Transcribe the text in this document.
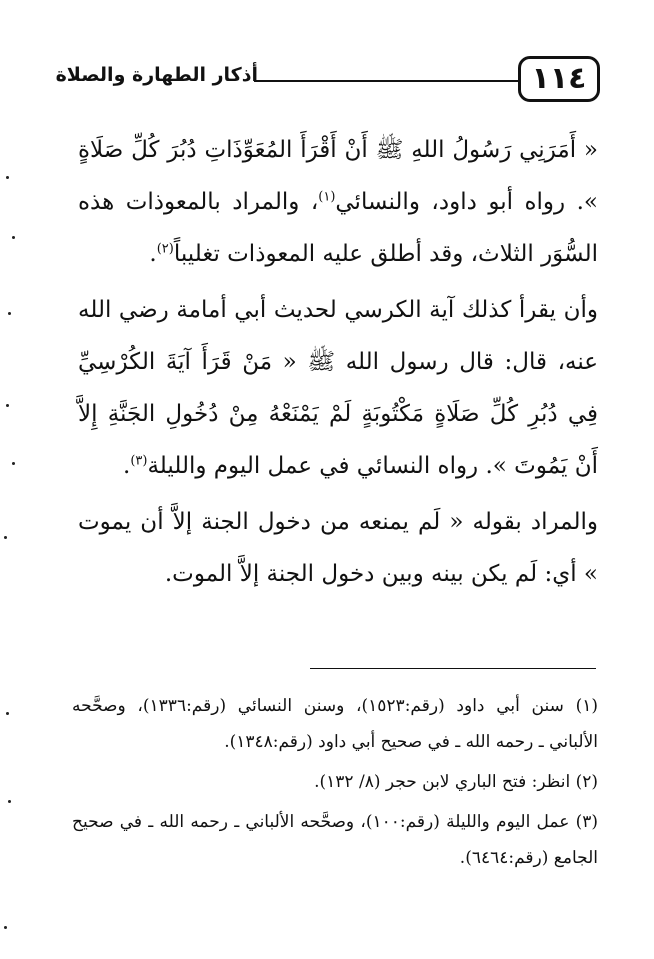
١١٤
أذكار الطهارة والصلاة

« أَمَرَنِي رَسُولُ اللهِ ﷺ أَنْ أَقْرَأَ المُعَوِّذَاتِ دُبُرَ كُلِّ صَلَاةٍ ». رواه أبو داود، والنسائي$^{(١)}$، والمراد بالمعوذات هذه السُّوَر الثلاث، وقد أطلق عليه المعوذات تغليباً$^{(٢)}$.

وأن يقرأ كذلك آية الكرسي لحديث أبي أمامة رضي الله عنه، قال: قال رسول الله ﷺ « مَنْ قَرَأَ آيَةَ الكُرْسِيِّ فِي دُبُرِ كُلِّ صَلَاةٍ مَكْتُوبَةٍ لَمْ يَمْنَعْهُ مِنْ دُخُولِ الجَنَّةِ إِلاَّ أَنْ يَمُوتَ ». رواه النسائي في عمل اليوم والليلة$^{(٣)}$.

والمراد بقوله « لَم يمنعه من دخول الجنة إلاَّ أن يموت » أي: لَم يكن بينه وبين دخول الجنة إلاَّ الموت.

(١) سنن أبي داود (رقم:١٥٢٣)، وسنن النسائي (رقم:١٣٣٦)، وصحَّحه الألباني ـ رحمه الله ـ في صحيح أبي داود (رقم:١٣٤٨).

(٢) انظر: فتح الباري لابن حجر (٨/ ١٣٢).

(٣) عمل اليوم والليلة (رقم:١٠٠)، وصحَّحه الألباني ـ رحمه الله ـ في صحيح الجامع (رقم:٦٤٦٤).
